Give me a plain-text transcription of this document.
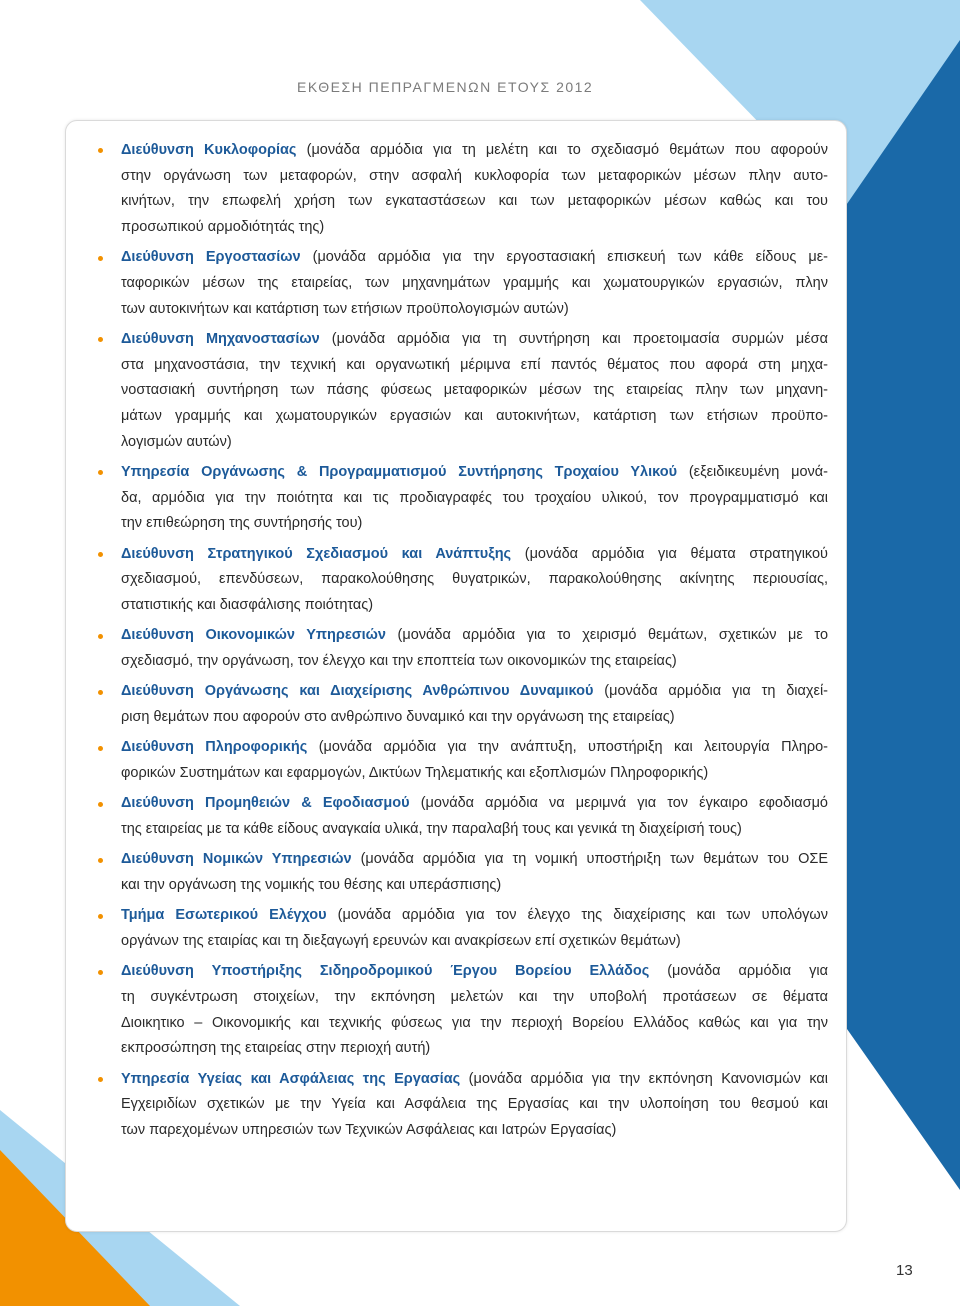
ΕΚΘΕΣΗ ΠΕΠΡΑΓΜΕΝΩΝ ΕΤΟΥΣ 2012
Διεύθυνση Κυκλοφορίας (μονάδα αρμόδια για τη μελέτη και το σχεδιασμό θεμάτων που αφορούν
στην οργάνωση των μεταφορών, στην ασφαλή κυκλοφορία των μεταφορικών μέσων πλην αυτο-
κινήτων, την επωφελή χρήση των εγκαταστάσεων και των μεταφορικών μέσων καθώς και του
προσωπικού αρμοδιότητάς της)
Διεύθυνση Εργοστασίων (μονάδα αρμόδια για την εργοστασιακή επισκευή των κάθε είδους με-
ταφορικών μέσων της εταιρείας, των μηχανημάτων γραμμής και χωματουργικών εργασιών, πλην
των αυτοκινήτων και κατάρτιση των ετήσιων προϋπολογισμών αυτών)
Διεύθυνση Μηχανοστασίων (μονάδα αρμόδια για τη συντήρηση και προετοιμασία συρμών μέσα
στα μηχανοστάσια, την τεχνική και οργανωτική μέριμνα επί παντός θέματος που αφορά στη μηχα-
νοστασιακή συντήρηση των πάσης φύσεως μεταφορικών μέσων της εταιρείας πλην των μηχανη-
μάτων γραμμής και χωματουργικών εργασιών και αυτοκινήτων, κατάρτιση των ετήσιων προϋπο-
λογισμών αυτών)
Υπηρεσία Οργάνωσης & Προγραμματισμού Συντήρησης Τροχαίου Υλικού (εξειδικευμένη μονά-
δα, αρμόδια για την ποιότητα και τις προδιαγραφές του τροχαίου υλικού, τον προγραμματισμό και
την επιθεώρηση της συντήρησής του)
Διεύθυνση Στρατηγικού Σχεδιασμού και Ανάπτυξης (μονάδα αρμόδια για θέματα στρατηγικού
σχεδιασμού, επενδύσεων, παρακολούθησης θυγατρικών, παρακολούθησης ακίνητης περιουσίας,
στατιστικής και διασφάλισης ποιότητας)
Διεύθυνση Οικονομικών Υπηρεσιών (μονάδα αρμόδια για το χειρισμό θεμάτων, σχετικών με το
σχεδιασμό, την οργάνωση, τον έλεγχο και την εποπτεία των οικονομικών της εταιρείας)
Διεύθυνση Οργάνωσης και Διαχείρισης Ανθρώπινου Δυναμικού (μονάδα αρμόδια για τη διαχεί-
ριση θεμάτων που αφορούν στο ανθρώπινο δυναμικό και την οργάνωση της εταιρείας)
Διεύθυνση Πληροφορικής (μονάδα αρμόδια για την ανάπτυξη, υποστήριξη και λειτουργία Πληρο-
φορικών Συστημάτων και εφαρμογών, Δικτύων Τηλεματικής και εξοπλισμών Πληροφορικής)
Διεύθυνση Προμηθειών & Εφοδιασμού (μονάδα αρμόδια να μεριμνά για τον έγκαιρο εφοδιασμό
της εταιρείας με τα κάθε είδους αναγκαία υλικά, την παραλαβή τους και γενικά τη διαχείρισή τους)
Διεύθυνση Νομικών Υπηρεσιών (μονάδα αρμόδια για τη νομική υποστήριξη των θεμάτων του ΟΣΕ
και την οργάνωση της νομικής του θέσης και υπεράσπισης)
Τμήμα Εσωτερικού Ελέγχου (μονάδα αρμόδια για τον έλεγχο της διαχείρισης και των υπολόγων
οργάνων της εταιρίας και τη διεξαγωγή ερευνών και ανακρίσεων επί σχετικών θεμάτων)
Διεύθυνση Υποστήριξης Σιδηροδρομικού Έργου Βορείου Ελλάδος (μονάδα αρμόδια για
τη συγκέντρωση στοιχείων, την εκπόνηση μελετών και την υποβολή προτάσεων σε θέματα
Διοικητικο – Οικονομικής και τεχνικής φύσεως για την περιοχή Βορείου Ελλάδος καθώς και για την
εκπροσώπηση της εταιρείας στην περιοχή αυτή)
Υπηρεσία Υγείας και Ασφάλειας της Εργασίας (μονάδα αρμόδια για την εκπόνηση Κανονισμών και
Εγχειριδίων σχετικών με την Υγεία και Ασφάλεια της Εργασίας και την υλοποίηση του θεσμού και
των παρεχομένων υπηρεσιών των Τεχνικών Ασφάλειας και Ιατρών Εργασίας)
13
